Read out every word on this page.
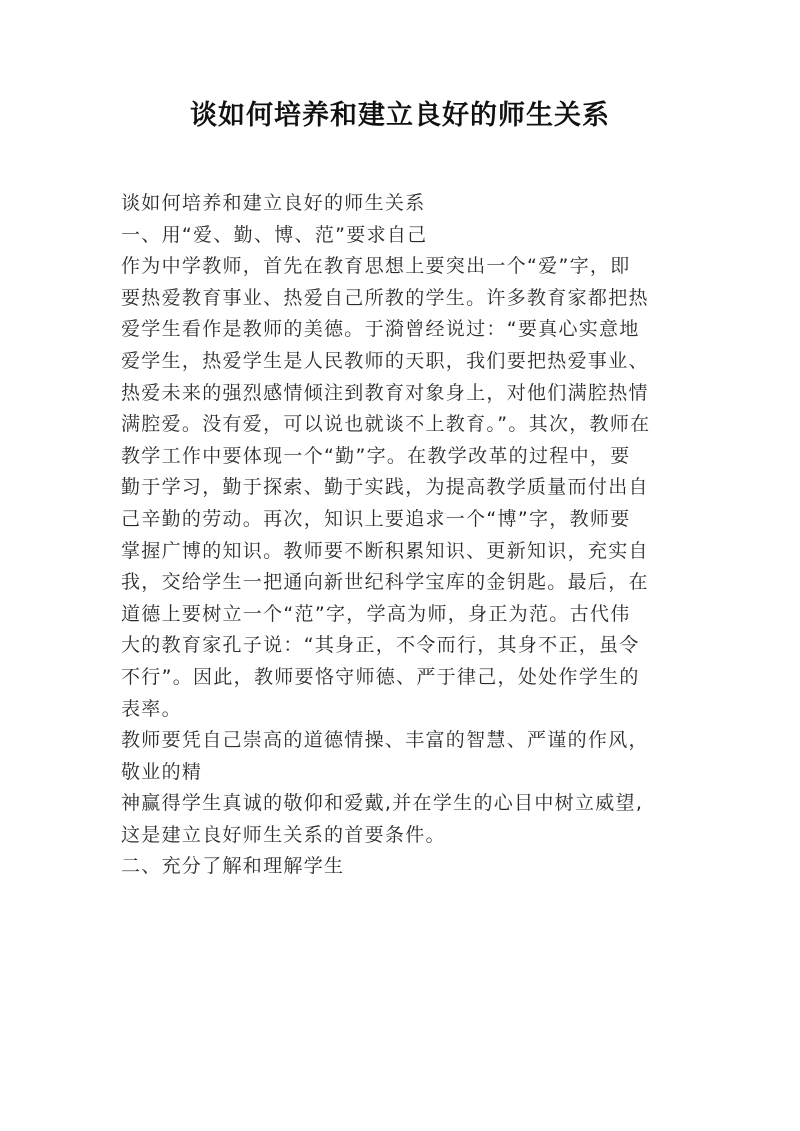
谈如何培养和建立良好的师生关系
谈如何培养和建立良好的师生关系
一、用“爱、勤、博、范”要求自己
作为中学教师，首先在教育思想上要突出一个“爱”字，即
要热爱教育事业、热爱自己所教的学生。许多教育家都把热
爱学生看作是教师的美德。于漪曾经说过：“要真心实意地
爱学生，热爱学生是人民教师的天职，我们要把热爱事业、
热爱未来的强烈感情倾注到教育对象身上，对他们满腔热情
满腔爱。没有爱，可以说也就谈不上教育。”。其次，教师在
教学工作中要体现一个“勤”字。在教学改革的过程中，要
勤于学习，勤于探索、勤于实践，为提高教学质量而付出自
己辛勤的劳动。再次，知识上要追求一个“博”字，教师要
掌握广博的知识。教师要不断积累知识、更新知识，充实自
我，交给学生一把通向新世纪科学宝库的金钥匙。最后，在
道德上要树立一个“范”字，学高为师，身正为范。古代伟
大的教育家孔子说：“其身正，不令而行，其身不正，虽令
不行”。因此，教师要恪守师德、严于律己，处处作学生的
表率。
教师要凭自己崇高的道德情操、丰富的智慧、严谨的作风，
敬业的精
神赢得学生真诚的敬仰和爱戴,并在学生的心目中树立威望,
这是建立良好师生关系的首要条件。
二、充分了解和理解学生
